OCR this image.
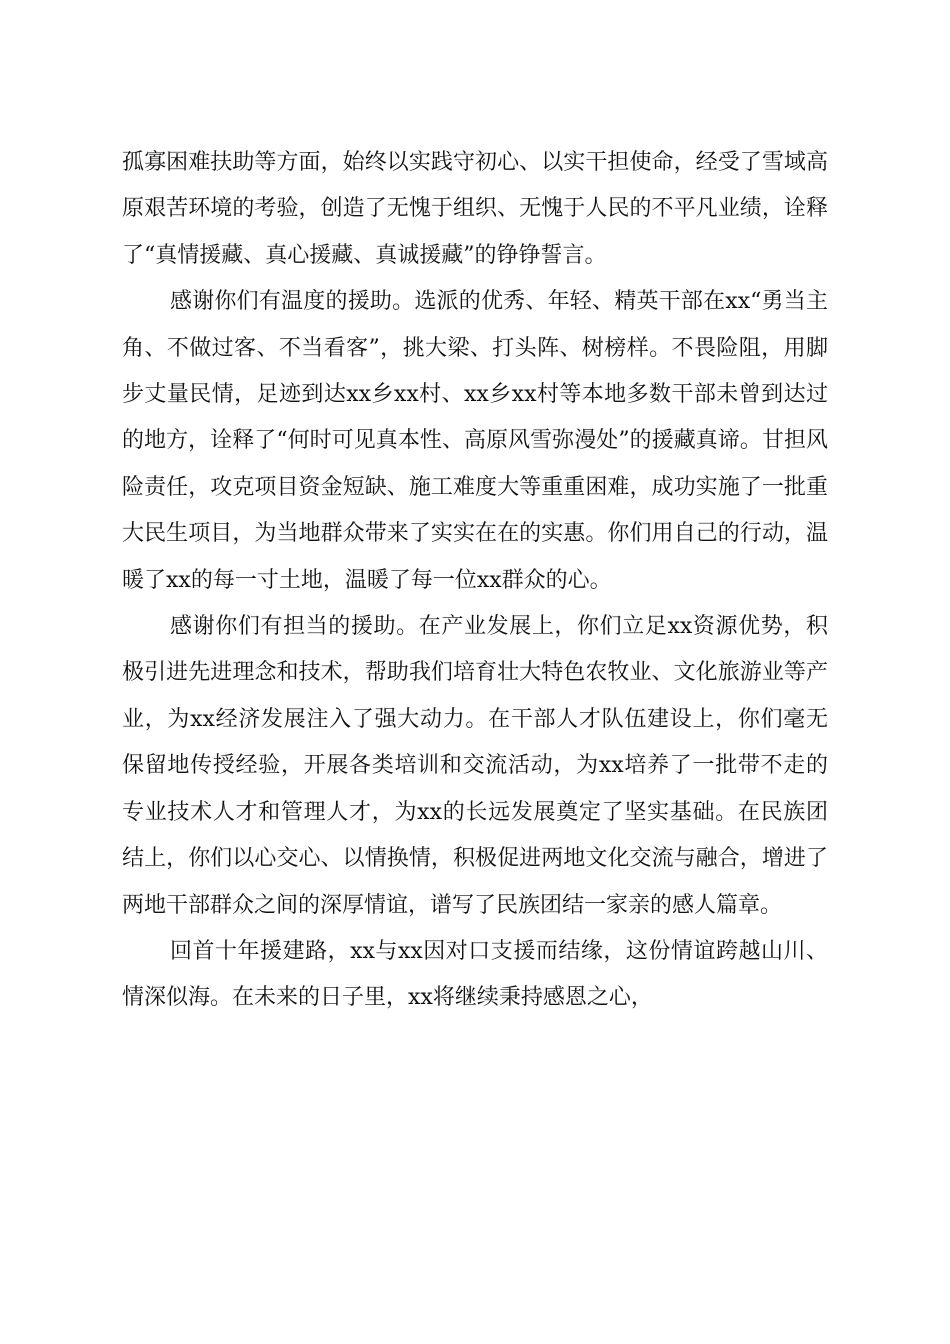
孤寡困难扶助等方面，始终以实践守初心、以实干担使命，经受了雪域高原艰苦环境的考验，创造了无愧于组织、无愧于人民的不平凡业绩，诠释了“真情援藏、真心援藏、真诚援藏”的铮铮誓言。

感谢你们有温度的援助。选派的优秀、年轻、精英干部在xx“勇当主角、不做过客、不当看客”，挑大梁、打头阵、树榜样。不畏险阻，用脚步丈量民情，足迹到达xx乡xx村、xx乡xx村等本地多数干部未曾到达过的地方，诠释了“何时可见真本性、高原风雪弥漫处”的援藏真谛。甘担风险责任，攻克项目资金短缺、施工难度大等重重困难，成功实施了一批重大民生项目，为当地群众带来了实实在在的实惠。你们用自己的行动，温暖了xx的每一寸土地，温暖了每一位xx群众的心。

感谢你们有担当的援助。在产业发展上，你们立足xx资源优势，积极引进先进理念和技术，帮助我们培育壮大特色农牧业、文化旅游业等产业，为xx经济发展注入了强大动力。在干部人才队伍建设上，你们毫无保留地传授经验，开展各类培训和交流活动，为xx培养了一批带不走的专业技术人才和管理人才，为xx的长远发展奠定了坚实基础。在民族团结上，你们以心交心、以情换情，积极促进两地文化交流与融合，增进了两地干部群众之间的深厚情谊，谱写了民族团结一家亲的感人篇章。

回首十年援建路，xx与xx因对口支援而结缘，这份情谊跨越山川、情深似海。在未来的日子里，xx将继续秉持感恩之心，
